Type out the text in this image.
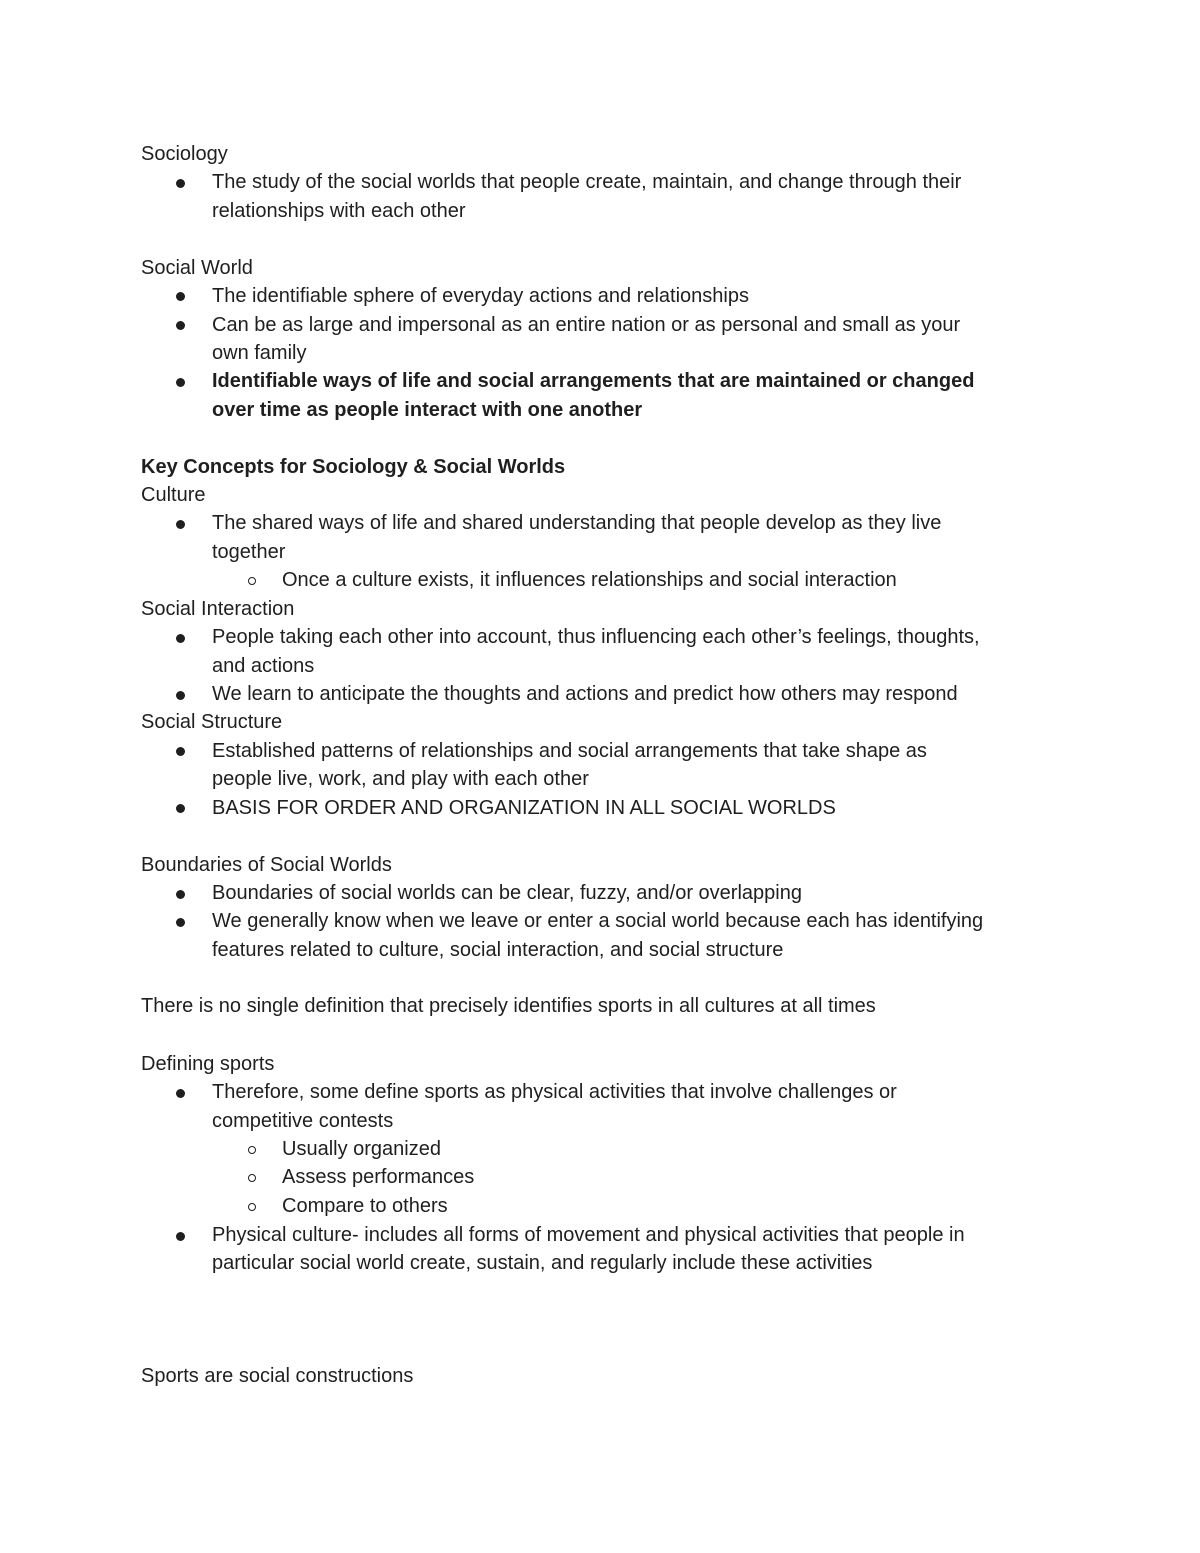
Sociology
The study of the social worlds that people create, maintain, and change through their
relationships with each other
Social World
The identifiable sphere of everyday actions and relationships
Can be as large and impersonal as an entire nation or as personal and small as your
own family
Identifiable ways of life and social arrangements that are maintained or changed
over time as people interact with one another
Key Concepts for Sociology & Social Worlds
Culture
The shared ways of life and shared understanding that people develop as they live
together
Once a culture exists, it influences relationships and social interaction
Social Interaction
People taking each other into account, thus influencing each other’s feelings, thoughts,
and actions
We learn to anticipate the thoughts and actions and predict how others may respond
Social Structure
Established patterns of relationships and social arrangements that take shape as
people live, work, and play with each other
BASIS FOR ORDER AND ORGANIZATION IN ALL SOCIAL WORLDS
Boundaries of Social Worlds
Boundaries of social worlds can be clear, fuzzy, and/or overlapping
We generally know when we leave or enter a social world because each has identifying
features related to culture, social interaction, and social structure
There is no single definition that precisely identifies sports in all cultures at all times
Defining sports
Therefore, some define sports as physical activities that involve challenges or
competitive contests
Usually organized
Assess performances
Compare to others
Physical culture- includes all forms of movement and physical activities that people in
particular social world create, sustain, and regularly include these activities
Sports are social constructions
